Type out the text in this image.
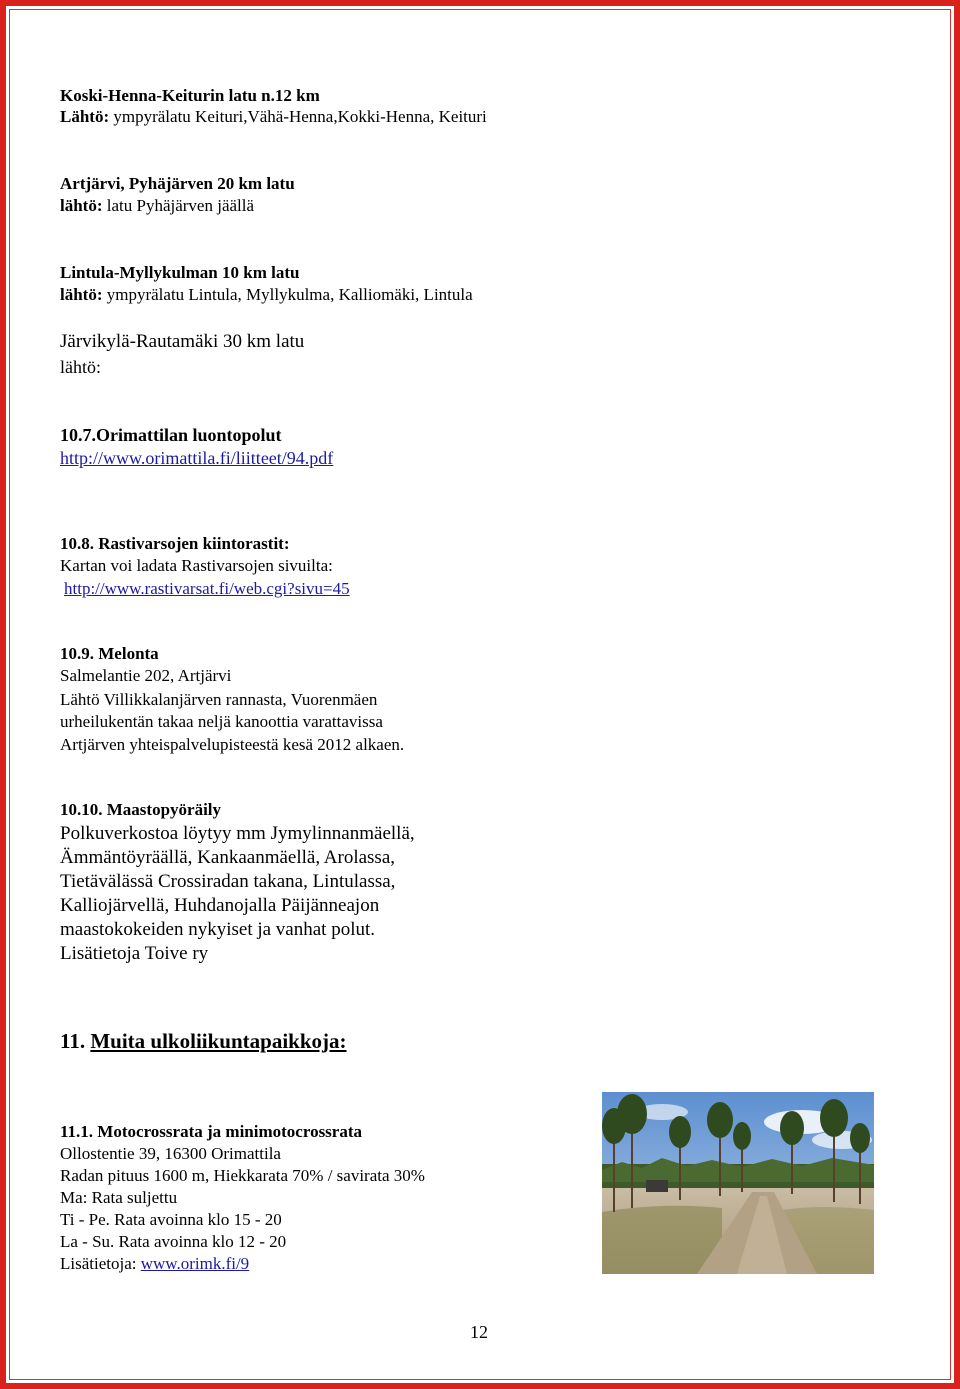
Koski-Henna-Keiturin latu n.12 km
Lähtö: ympyrälatu Keituri,Vähä-Henna,Kokki-Henna, Keituri
Artjärvi, Pyhäjärven 20 km latu
lähtö: latu Pyhäjärven jäällä
Lintula-Myllykulman 10 km latu
lähtö: ympyrälatu Lintula, Myllykulma, Kalliomäki, Lintula
Järvikylä-Rautamäki 30 km latu
lähtö:
10.7.Orimattilan luontopolut
http://www.orimattila.fi/liitteet/94.pdf
10.8. Rastivarsojen kiintorastit:
Kartan voi ladata Rastivarsojen sivuilta:
http://www.rastivarsat.fi/web.cgi?sivu=45
10.9. Melonta
Salmelantie 202, Artjärvi
Lähtö Villikkalanjärven rannasta, Vuorenmäen
urheilukentän takaa neljä kanoottia varattavissa
Artjärven yhteispalvelupisteestä kesä 2012 alkaen.
10.10. Maastopyöräily
Polkuverkostoa löytyy mm Jymylinnanmäellä,
Ämmäntöyräällä, Kankaanmäellä, Arolassa,
Tietävälässä Crossiradan takana, Lintulassa,
Kalliojärvellä, Huhdanojalla Päijänneajon
maastokokeiden nykyiset ja vanhat polut.
Lisätietoja Toive ry
11. Muita ulkoliikuntapaikkoja:
11.1. Motocrossrata ja minimotocrossrata
Ollostentie 39, 16300 Orimattila
Radan pituus 1600 m, Hiekkarata 70% / savirata 30%
Ma: Rata suljettu
Ti - Pe. Rata avoinna klo 15 - 20
La - Su. Rata avoinna klo 12 - 20
Lisätietoja: www.orimk.fi/9
12
